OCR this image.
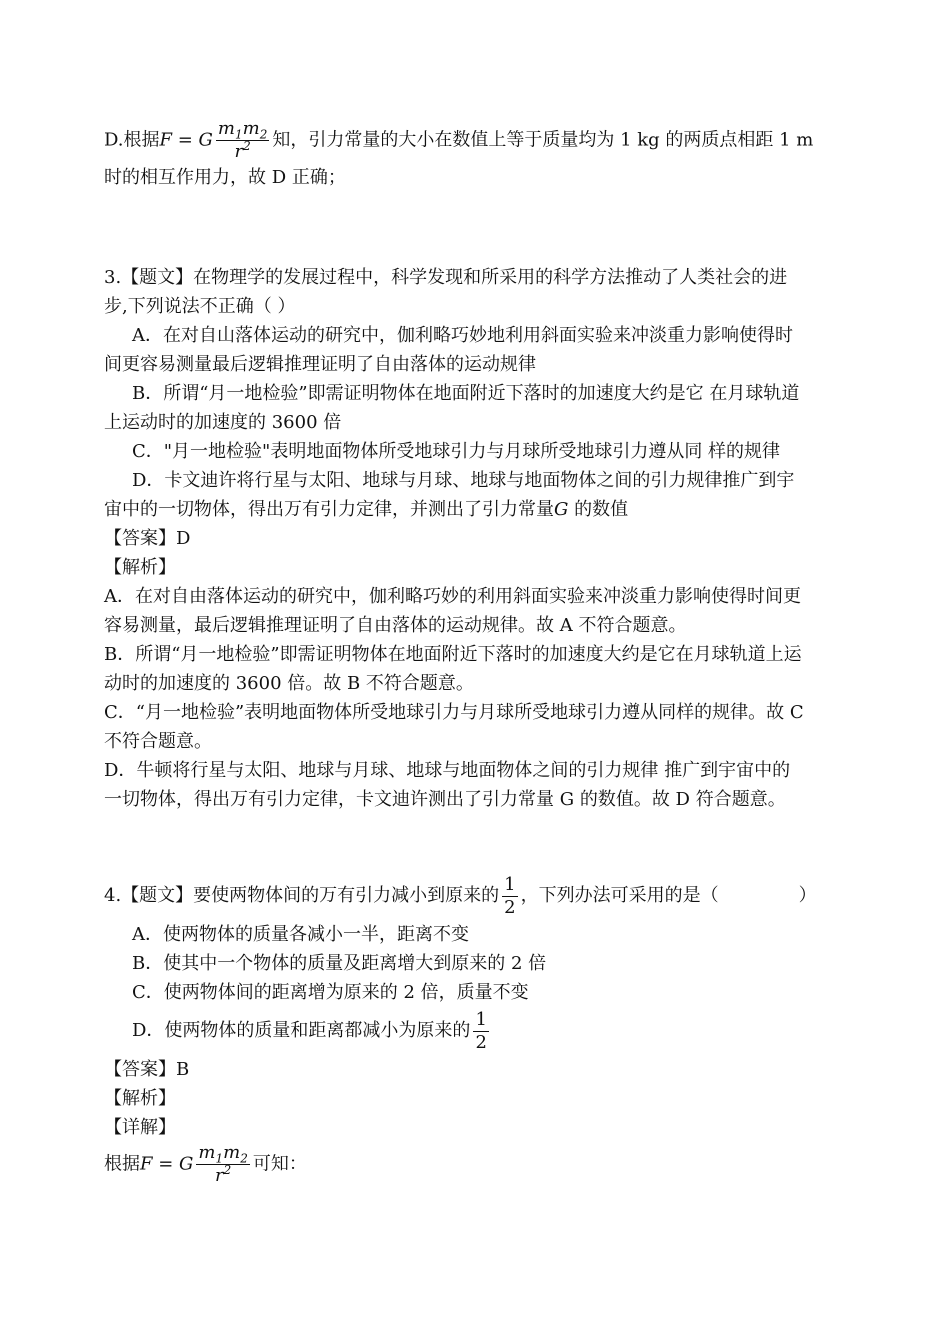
D.根据F = G $\frac{m_1m_2}{r^2}$ 知，引力常量的大小在数值上等于质量均为 1 kg 的两质点相距 1 m

时的相互作用力，故 D 正确；

3.【题文】在物理学的发展过程中，科学发现和所采用的科学方法推动了人类社会的进

步,下列说法不正确（ ）

A．在对自山落体运动的研究中，伽利略巧妙地利用斜面实验来冲淡重力影响使得时

间更容易测量最后逻辑推理证明了自由落体的运动规律

B．所谓“月一地检验”即需证明物体在地面附近下落时的加速度大约是它 在月球轨道

上运动时的加速度的 3600 倍

C．"月一地检验"表明地面物体所受地球引力与月球所受地球引力遵从同 样的规律

D．卡文迪许将行星与太阳、地球与月球、地球与地面物体之间的引力规律推广到宇

宙中的一切物体，得出万有引力定律，并测出了引力常量G 的数值

【答案】D

【解析】

A．在对自由落体运动的研究中，伽利略巧妙的利用斜面实验来冲淡重力影响使得时间更

容易测量，最后逻辑推理证明了自由落体的运动规律。故 A 不符合题意。

B．所谓“月一地检验”即需证明物体在地面附近下落时的加速度大约是它在月球轨道上运

动时的加速度的 3600 倍。故 B 不符合题意。

C．“月一地检验”表明地面物体所受地球引力与月球所受地球引力遵从同样的规律。故 C

不符合题意。

D．牛顿将行星与太阳、地球与月球、地球与地面物体之间的引力规律 推广到宇宙中的

一切物体，得出万有引力定律，卡文迪许测出了引力常量 G 的数值。故 D 符合题意。

4.【题文】要使两物体间的万有引力减小到原来的 $\frac{1}{2}$ ，下列办法可采用的是（	）

A．使两物体的质量各减小一半，距离不变

B．使其中一个物体的质量及距离增大到原来的 2 倍

C．使两物体间的距离增为原来的 2 倍，质量不变

D．使两物体的质量和距离都减小为原来的 $\frac{1}{2}$

【答案】B

【解析】

【详解】

根据F = G $\frac{m_1m_2}{r^2}$ 可知：
